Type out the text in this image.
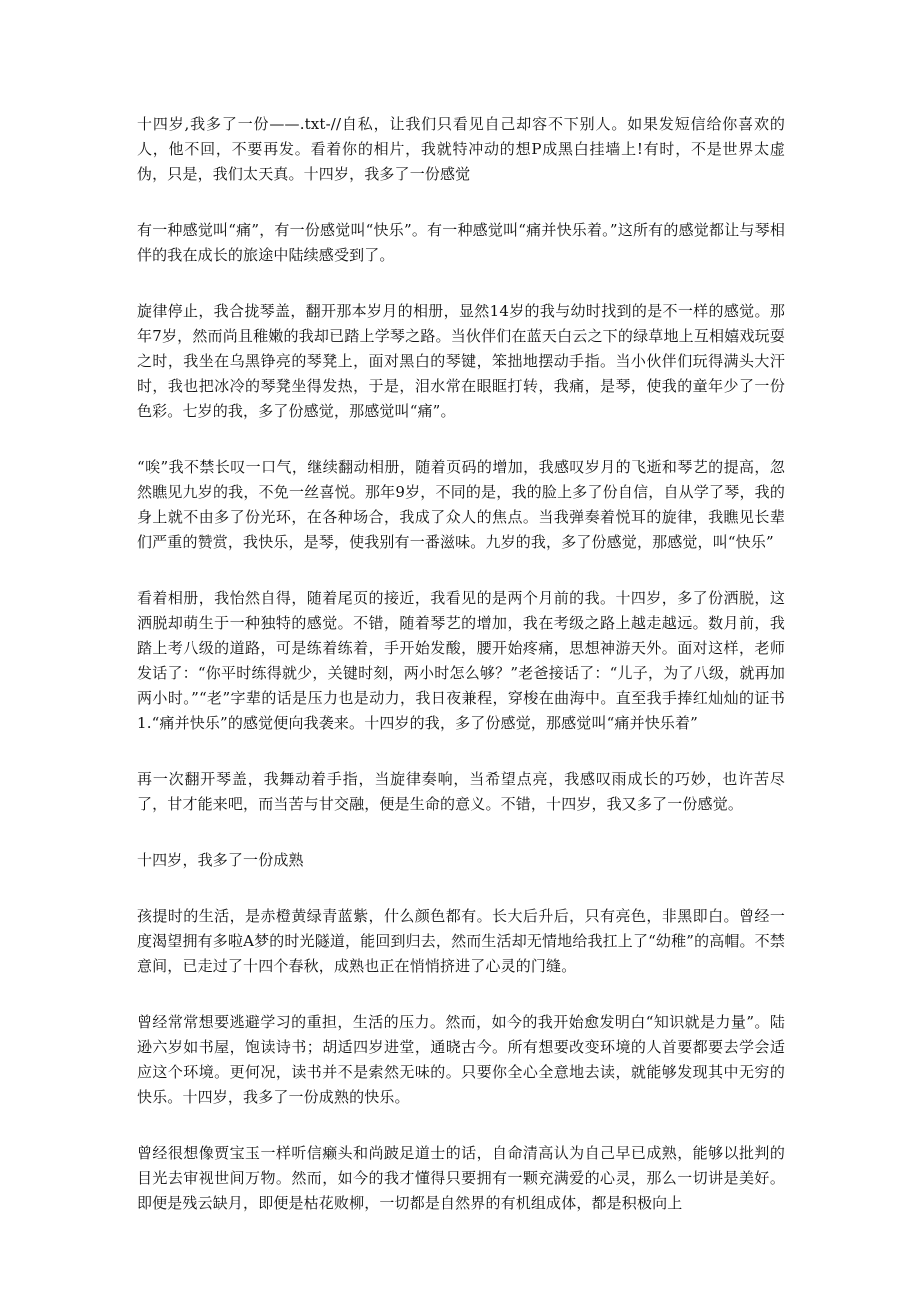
十四岁,我多了一份——.txt-//自私，让我们只看见自己却容不下别人。如果发短信给你喜欢的人，他不回，不要再发。看着你的相片，我就特冲动的想P成黑白挂墙上!有时，不是世界太虚伪，只是，我们太天真。十四岁，我多了一份感觉

有一种感觉叫“痛”，有一份感觉叫“快乐”。有一种感觉叫“痛并快乐着。”这所有的感觉都让与琴相伴的我在成长的旅途中陆续感受到了。

旋律停止，我合拢琴盖，翻开那本岁月的相册，显然14岁的我与幼时找到的是不一样的感觉。那年7岁，然而尚且稚嫩的我却已踏上学琴之路。当伙伴们在蓝天白云之下的绿草地上互相嬉戏玩耍之时，我坐在乌黑铮亮的琴凳上，面对黑白的琴键，笨拙地摆动手指。当小伙伴们玩得满头大汗时，我也把冰冷的琴凳坐得发热，于是，泪水常在眼眶打转，我痛，是琴，使我的童年少了一份色彩。七岁的我，多了份感觉，那感觉叫“痛”。

“唉”我不禁长叹一口气，继续翻动相册，随着页码的增加，我感叹岁月的飞逝和琴艺的提高，忽然瞧见九岁的我，不免一丝喜悦。那年9岁，不同的是，我的脸上多了份自信，自从学了琴，我的身上就不由多了份光环，在各种场合，我成了众人的焦点。当我弹奏着悦耳的旋律，我瞧见长辈们严重的赞赏，我快乐，是琴，使我别有一番滋味。九岁的我，多了份感觉，那感觉，叫“快乐”

看着相册，我怡然自得，随着尾页的接近，我看见的是两个月前的我。十四岁，多了份洒脱，这洒脱却萌生于一种独特的感觉。不错，随着琴艺的增加，我在考级之路上越走越远。数月前，我踏上考八级的道路，可是练着练着，手开始发酸，腰开始疼痛，思想神游天外。面对这样，老师发话了：“你平时练得就少，关键时刻，两小时怎么够？”老爸接话了：“儿子，为了八级，就再加两小时。”“老”字辈的话是压力也是动力，我日夜兼程，穿梭在曲海中。直至我手捧红灿灿的证书1.“痛并快乐”的感觉便向我袭来。十四岁的我，多了份感觉，那感觉叫“痛并快乐着”

再一次翻开琴盖，我舞动着手指，当旋律奏响，当希望点亮，我感叹雨成长的巧妙，也许苦尽了，甘才能来吧，而当苦与甘交融，便是生命的意义。不错，十四岁，我又多了一份感觉。

十四岁，我多了一份成熟

孩提时的生活，是赤橙黄绿青蓝紫，什么颜色都有。长大后升后，只有亮色，非黑即白。曾经一度渴望拥有多啦A梦的时光隧道，能回到归去，然而生活却无情地给我扛上了“幼稚”的高帽。不禁意间，已走过了十四个春秋，成熟也正在悄悄挤进了心灵的门缝。

曾经常常想要逃避学习的重担，生活的压力。然而，如今的我开始愈发明白“知识就是力量”。陆逊六岁如书屋，饱读诗书；胡适四岁进堂，通晓古今。所有想要改变环境的人首要都要去学会适应这个环境。更何况，读书并不是索然无味的。只要你全心全意地去读，就能够发现其中无穷的快乐。十四岁，我多了一份成熟的快乐。

曾经很想像贾宝玉一样听信癞头和尚跛足道士的话，自命清高认为自己早已成熟，能够以批判的目光去审视世间万物。然而，如今的我才懂得只要拥有一颗充满爱的心灵，那么一切讲是美好。即便是残云缺月，即便是枯花败柳，一切都是自然界的有机组成体，都是积极向上
